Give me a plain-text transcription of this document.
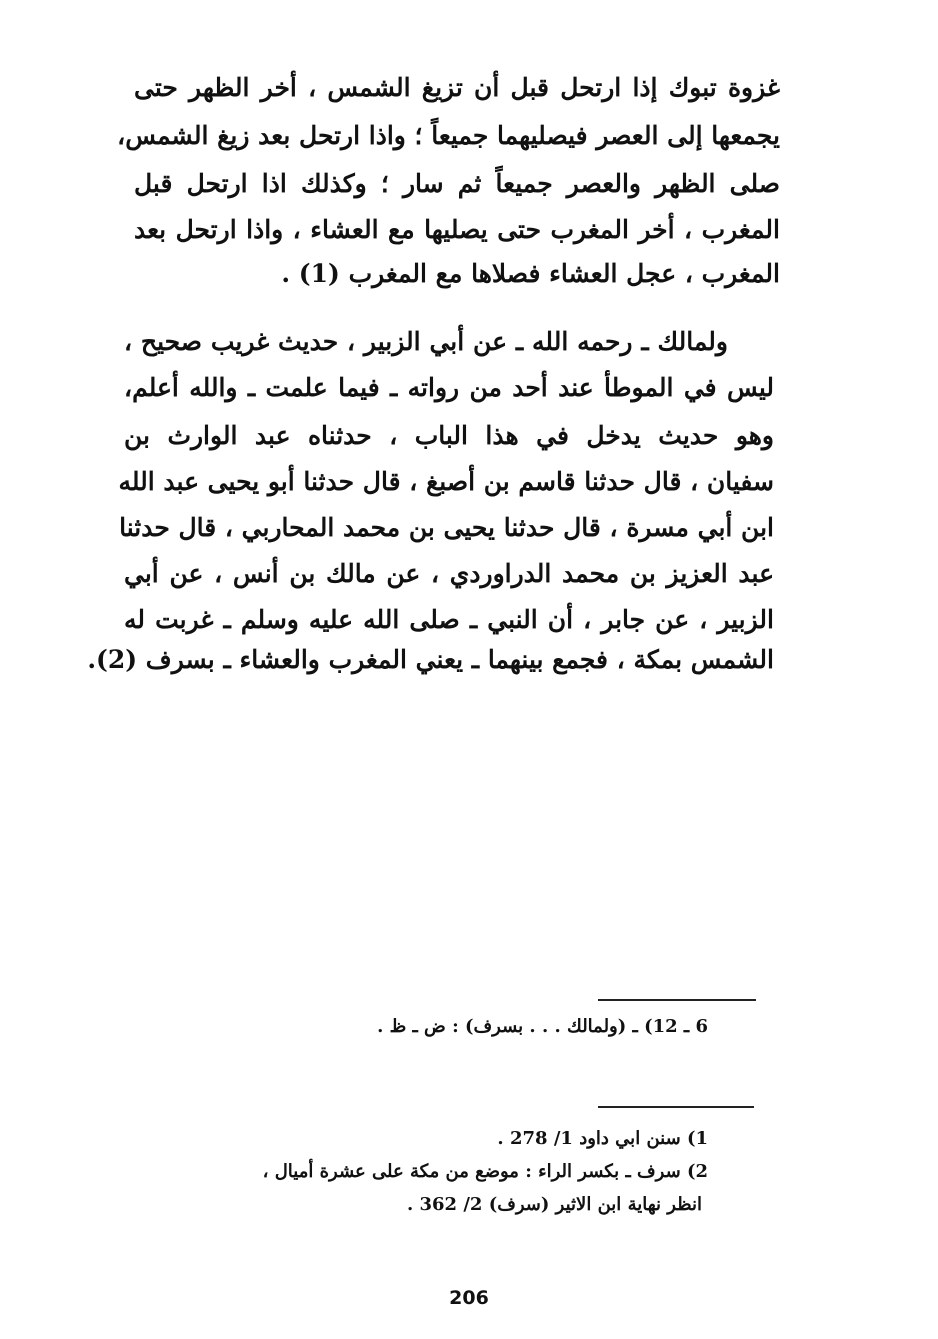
غزوة تبوك إذا ارتحل قبل أن تزيغ الشمس ، أخر الظهر حتى
يجمعها إلى العصر فيصليهما جميعاً ؛ واذا ارتحل بعد زيغ الشمس،
صلى الظهر والعصر جميعاً ثم سار ؛ وكذلك اذا ارتحل قبل
المغرب ، أخر المغرب حتى يصليها مع العشاء ، واذا ارتحل بعد
المغرب ، عجل العشاء فصلاها مع المغرب (1) .
ولمالك ـ رحمه الله ـ عن أبي الزبير ، حديث غريب صحيح ،
ليس في الموطأ عند أحد من رواته ـ فيما علمت ـ والله أعلم،
وهو حديث يدخل في هذا الباب ، حدثناه عبد الوارث بن
سفيان ، قال حدثنا قاسم بن أصبغ ، قال حدثنا أبو يحيى عبد الله
ابن أبي مسرة ، قال حدثنا يحيى بن محمد المحاربي ، قال حدثنا
عبد العزيز بن محمد الدراوردي ، عن مالك بن أنس ، عن أبي
الزبير ، عن جابر ، أن النبي ـ صلى الله عليه وسلم ـ غربت له
الشمس بمكة ، فجمع بينهما ـ يعني المغرب والعشاء ـ بسرف (2).
6 ـ 12) ـ (ولمالك . . . بسرف) : ض ـ ظ .
1) سنن ابي داود 1/ 278 .
2) سرف ـ بكسر الراء : موضع من مكة على عشرة أميال ،
انظر نهاية ابن الاثير (سرف) 2/ 362 .
206
